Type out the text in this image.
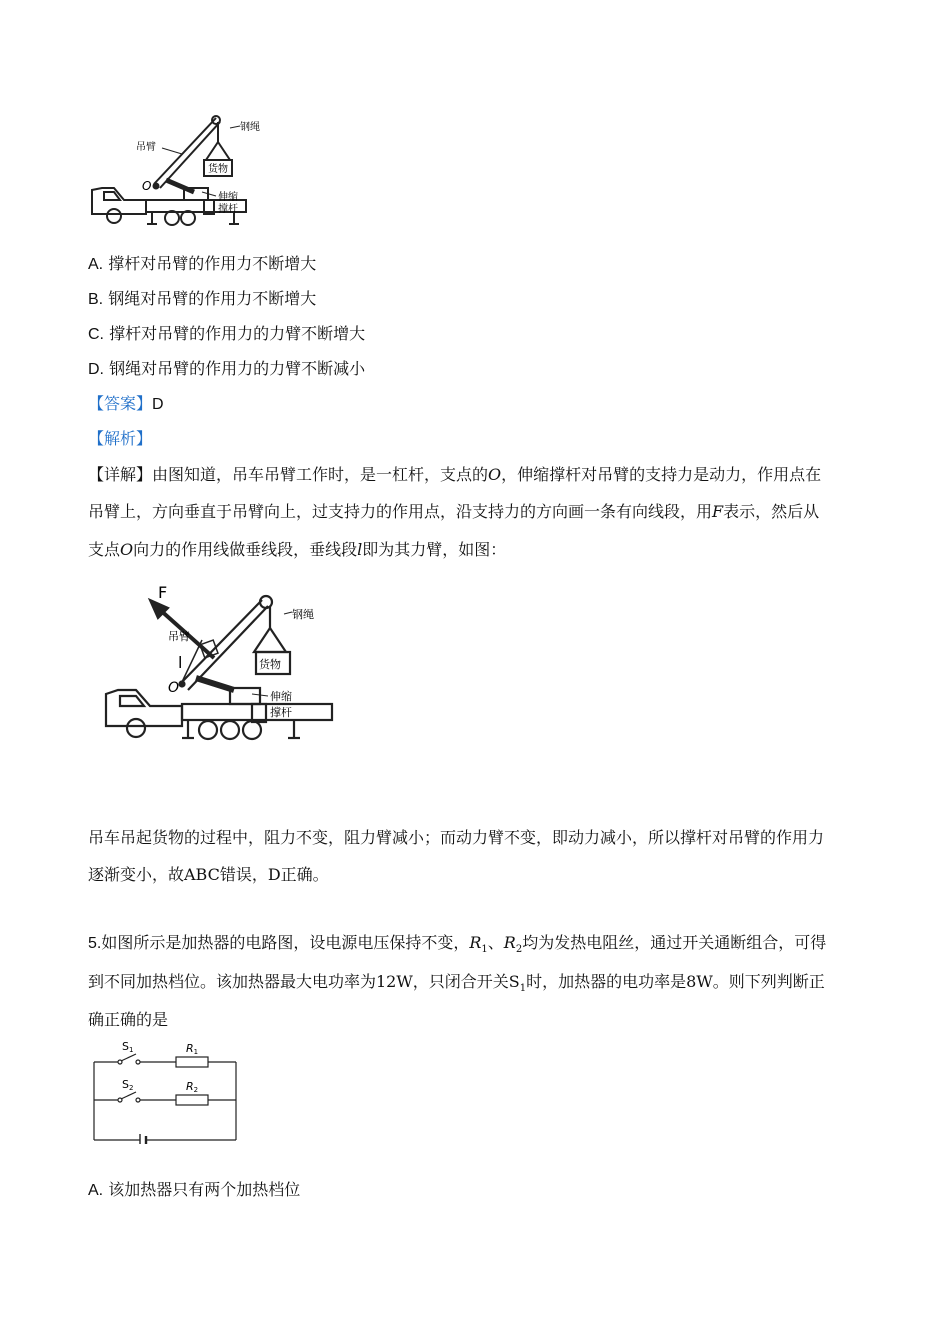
吊臂
钢绳
货物
O
伸缩
撑杆
A. 撑杆对吊臂的作用力不断增大
B. 钢绳对吊臂的作用力不断增大
C. 撑杆对吊臂的作用力的力臂不断增大
D. 钢绳对吊臂的作用力的力臂不断减小
【答案】D
【解析】
【详解】由图知道，吊车吊臂工作时，是一杠杆，支点的O，伸缩撑杆对吊臂的支持力是动力，作用点在
吊臂上，方向垂直于吊臂向上，过支持力的作用点，沿支持力的方向画一条有向线段，用F表示，然后从
支点O向力的作用线做垂线段，垂线段l即为其力臂，如图：
F
吊臂
l
钢绳
货物
O
伸缩
撑杆
吊车吊起货物的过程中，阻力不变，阻力臂减小；而动力臂不变，即动力减小，所以撑杆对吊臂的作用力
逐渐变小，故ABC错误，D正确。
5.如图所示是加热器的电路图，设电源电压保持不变，$R_1$、$R_2$均为发热电阻丝，通过开关通断组合，可得
到不同加热档位。该加热器最大电功率为12W，只闭合开关$S_1$时，加热器的电功率是8W。则下列判断正
确正确的是
S1
S2
R1
R2
A. 该加热器只有两个加热档位
